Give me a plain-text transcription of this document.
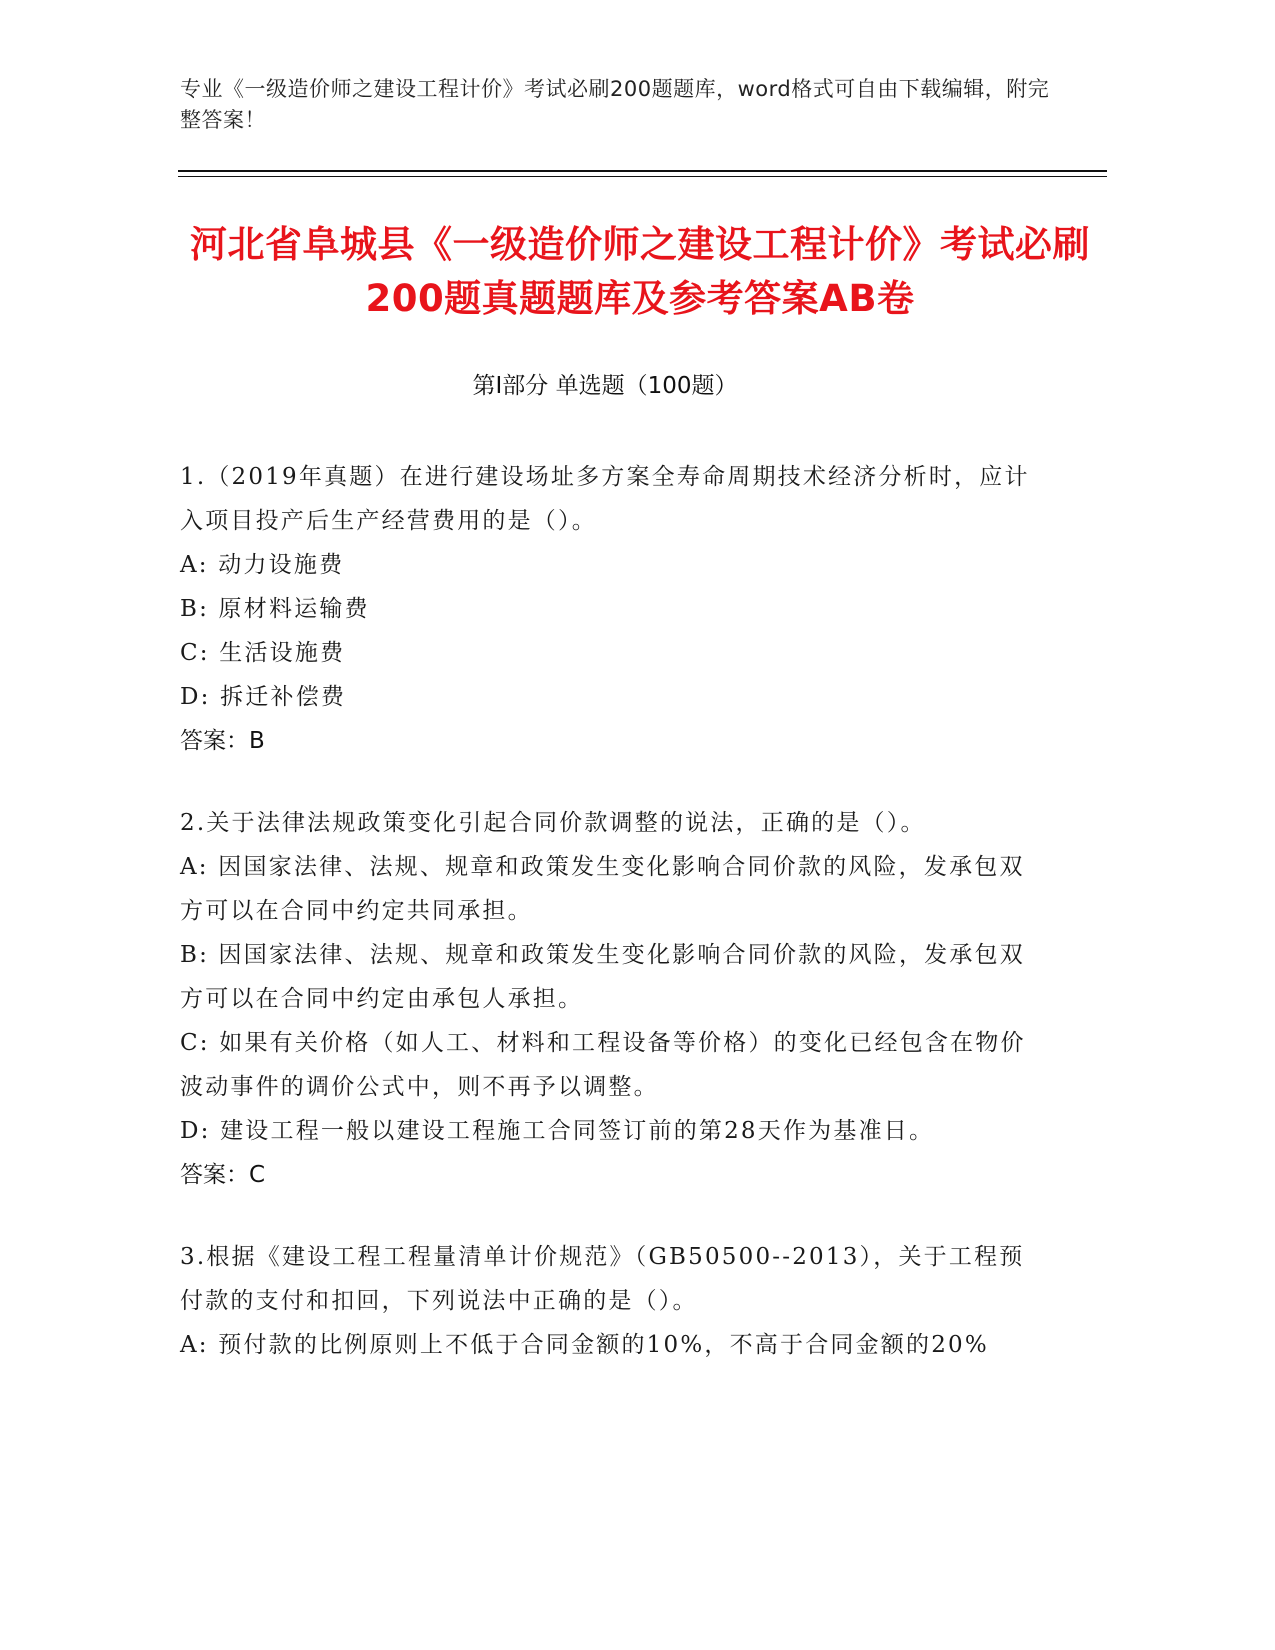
专业《一级造价师之建设工程计价》考试必刷200题题库，word格式可自由下载编辑，附完整答案！
河北省阜城县《一级造价师之建设工程计价》考试必刷200题真题题库及参考答案AB卷
第Ⅰ部分 单选题（100题）

1.（2019年真题）在进行建设场址多方案全寿命周期技术经济分析时，应计入项目投产后生产经营费用的是（）。

A: 动力设施费

B: 原材料运输费

C: 生活设施费

D: 拆迁补偿费

答案：B

2.关于法律法规政策变化引起合同价款调整的说法，正确的是（）。

A: 因国家法律、法规、规章和政策发生变化影响合同价款的风险，发承包双方可以在合同中约定共同承担。

B: 因国家法律、法规、规章和政策发生变化影响合同价款的风险，发承包双方可以在合同中约定由承包人承担。

C: 如果有关价格（如人工、材料和工程设备等价格）的变化已经包含在物价波动事件的调价公式中，则不再予以调整。

D: 建设工程一般以建设工程施工合同签订前的第28天作为基准日。

答案：C

3.根据《建设工程工程量清单计价规范》（GB50500--2013），关于工程预付款的支付和扣回，下列说法中正确的是（）。

A: 预付款的比例原则上不低于合同金额的10%，不高于合同金额的20%
